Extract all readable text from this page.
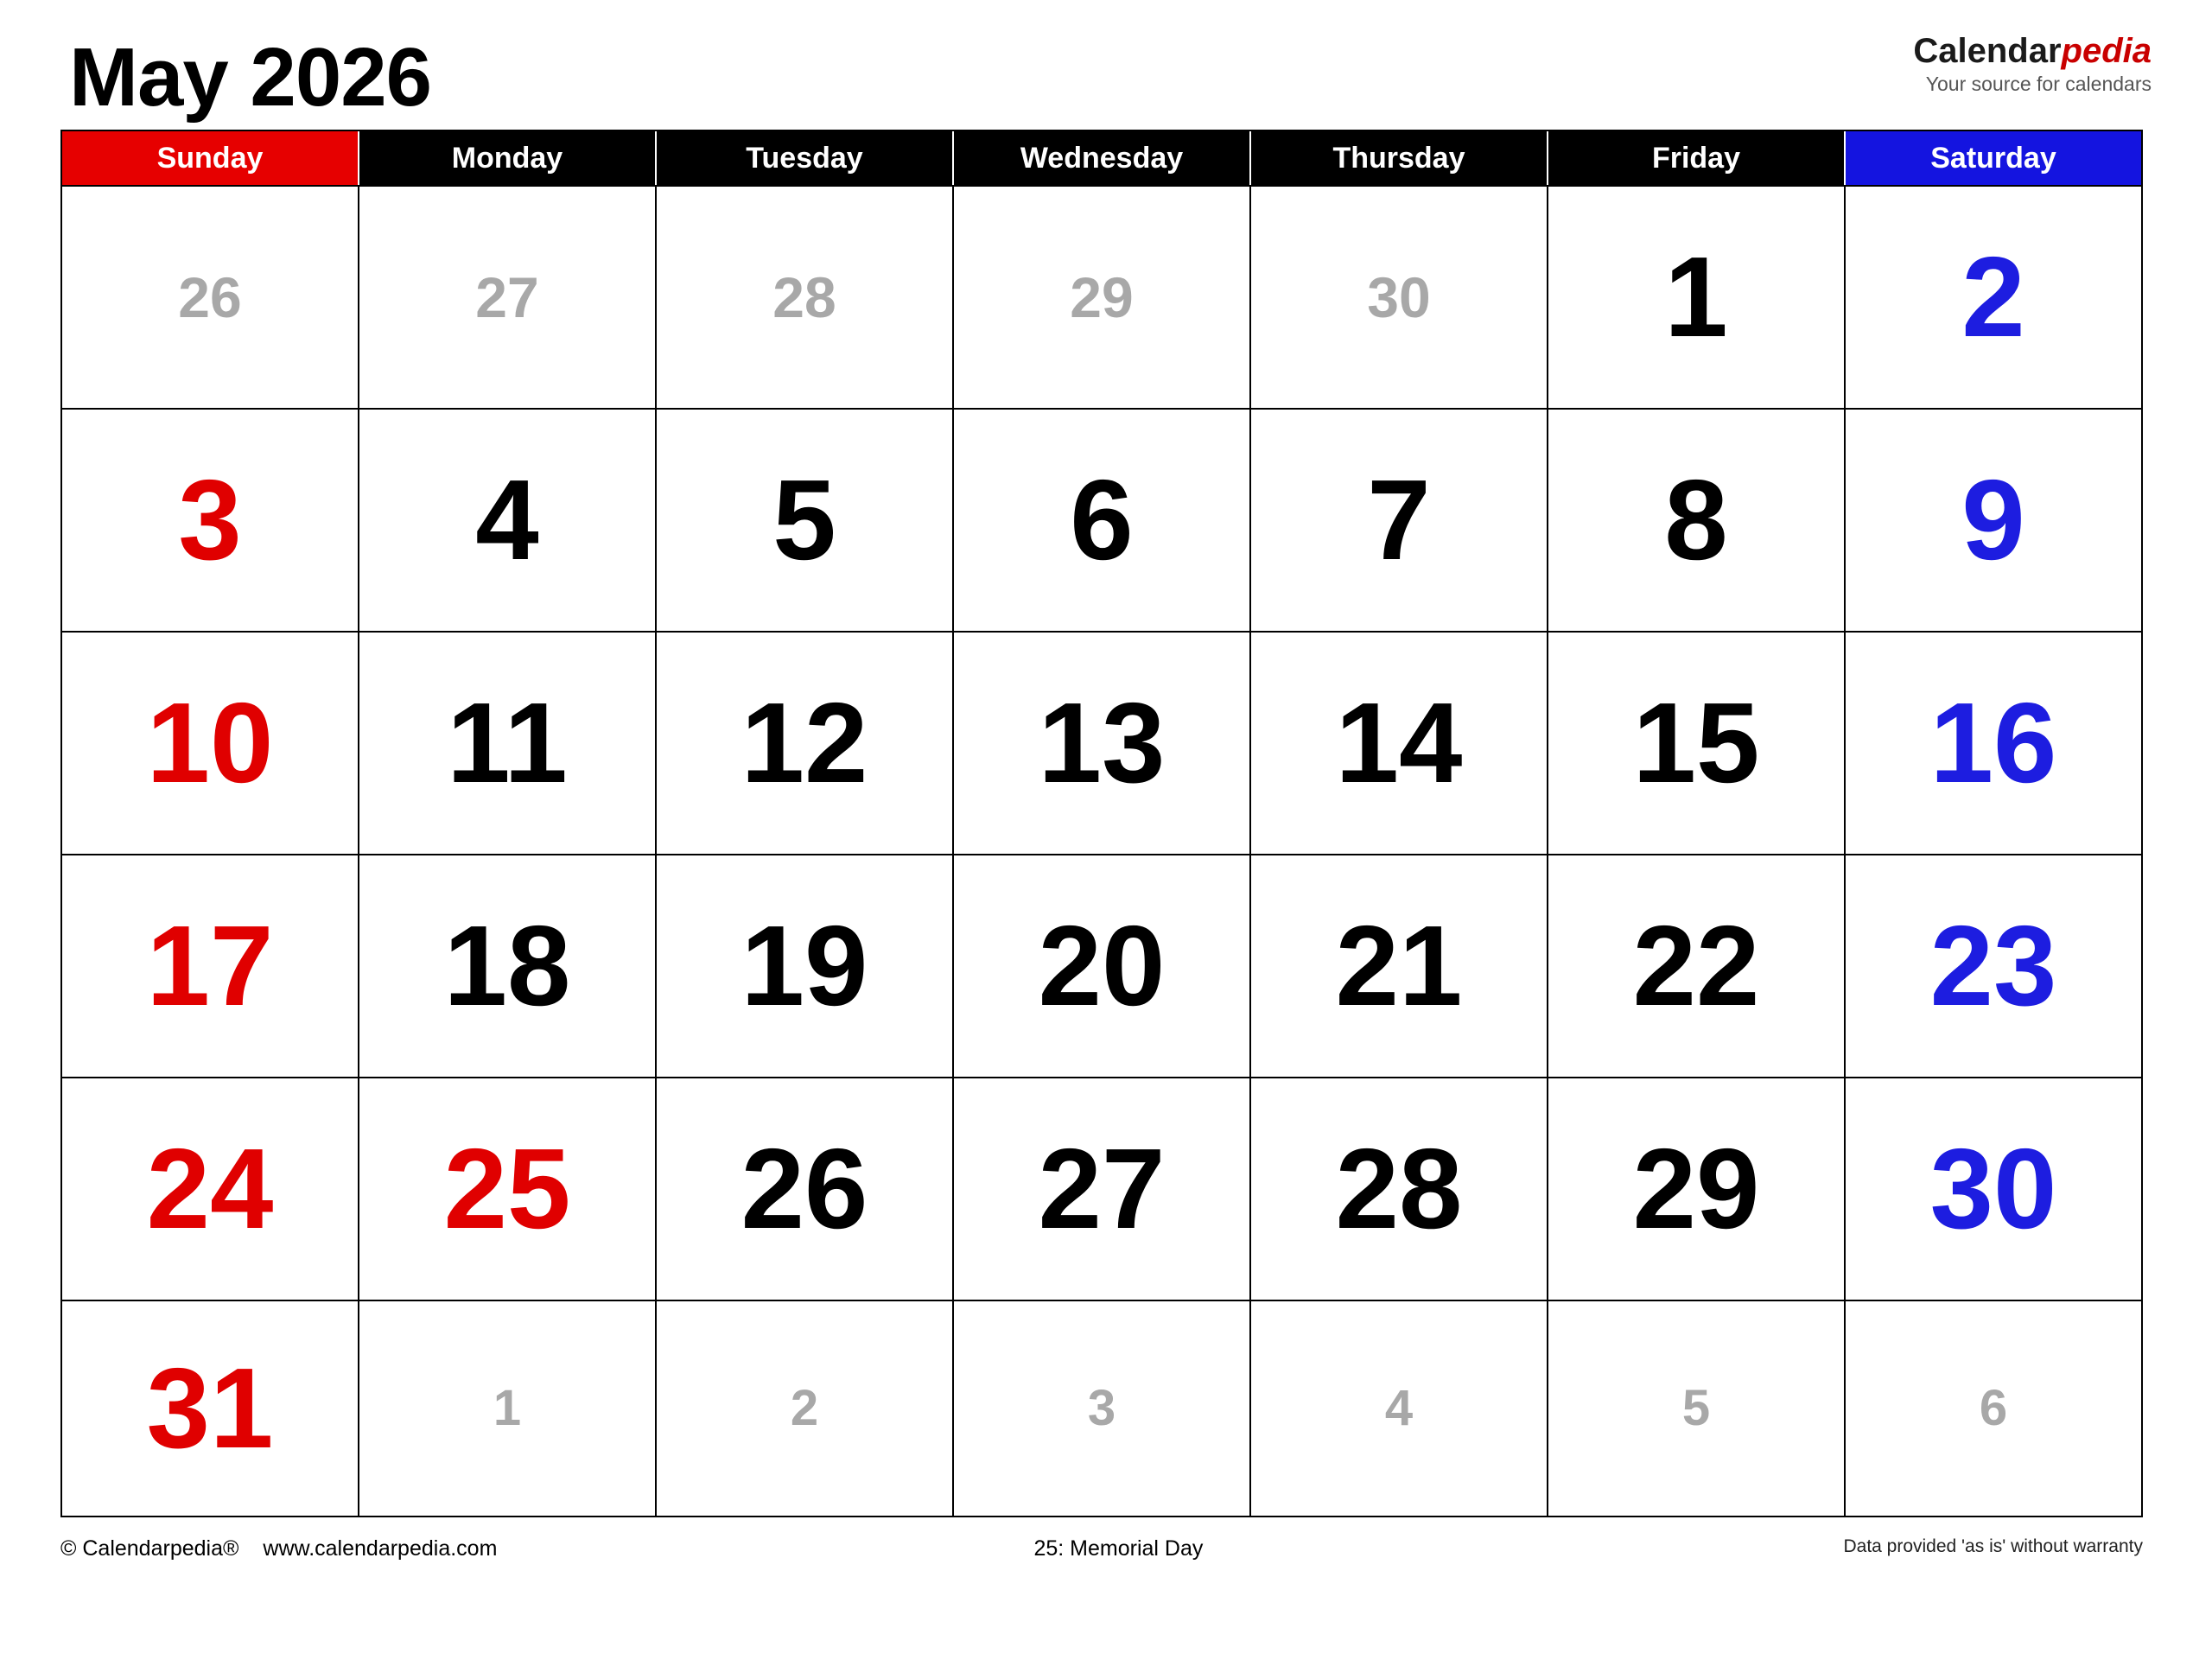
May 2026	Calendarpedia
Your source for calendars
Sunday	Monday	Tuesday	Wednesday	Thursday	Friday	Saturday
26	27	28	29	30 1 2
3 4 5 6 7 8 9
10 11 12 13 14 15 16
17 18 19 20 21 22 23
24 25 26 27 28 29 30
31	1	2	3	4	5	6
© Calendarpedia® www.calendarpedia.com	25: Memorial Day	Data provided 'as is' without warranty
